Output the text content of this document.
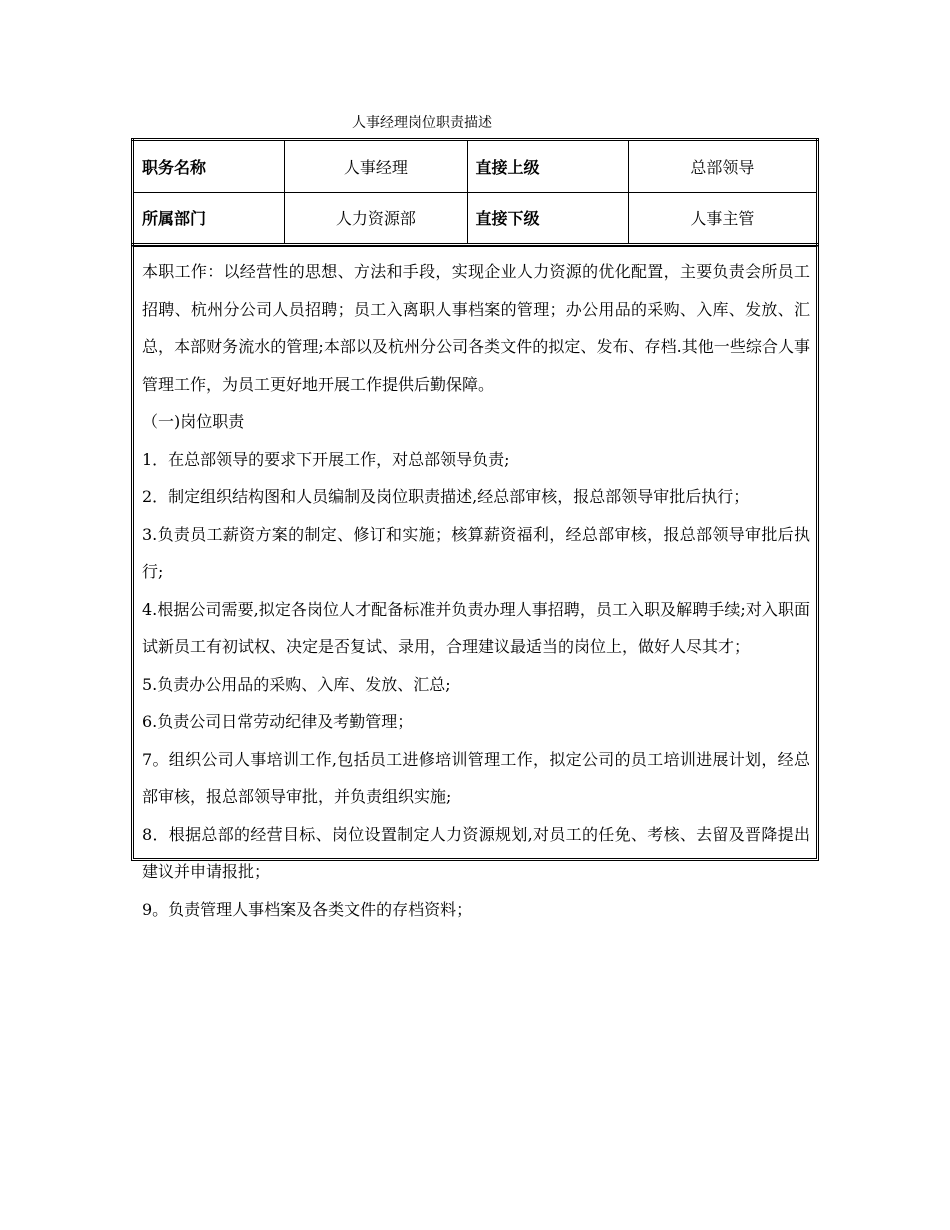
人事经理岗位职责描述
职务名称	人事经理	直接上级	总部领导
所属部门	人力资源部	直接下级	人事主管

本职工作：以经营性的思想、方法和手段，实现企业人力资源的优化配置，主要负责会所员工招聘、杭州分公司人员招聘；员工入离职人事档案的管理；办公用品的采购、入库、发放、汇总，本部财务流水的管理;本部以及杭州分公司各类文件的拟定、发布、存档.其他一些综合人事管理工作，为员工更好地开展工作提供后勤保障。

（一)岗位职责

1．在总部领导的要求下开展工作，对总部领导负责;

2．制定组织结构图和人员编制及岗位职责描述,经总部审核，报总部领导审批后执行；

3.负责员工薪资方案的制定、修订和实施；核算薪资福利，经总部审核，报总部领导审批后执行;

4.根据公司需要,拟定各岗位人才配备标准并负责办理人事招聘，员工入职及解聘手续;对入职面试新员工有初试权、决定是否复试、录用，合理建议最适当的岗位上，做好人尽其才；

5.负责办公用品的采购、入库、发放、汇总;

6.负责公司日常劳动纪律及考勤管理；

7。组织公司人事培训工作,包括员工进修培训管理工作，拟定公司的员工培训进展计划，经总部审核，报总部领导审批，并负责组织实施;

8．根据总部的经营目标、岗位设置制定人力资源规划,对员工的任免、考核、去留及晋降提出建议并申请报批；

9。负责管理人事档案及各类文件的存档资料；
